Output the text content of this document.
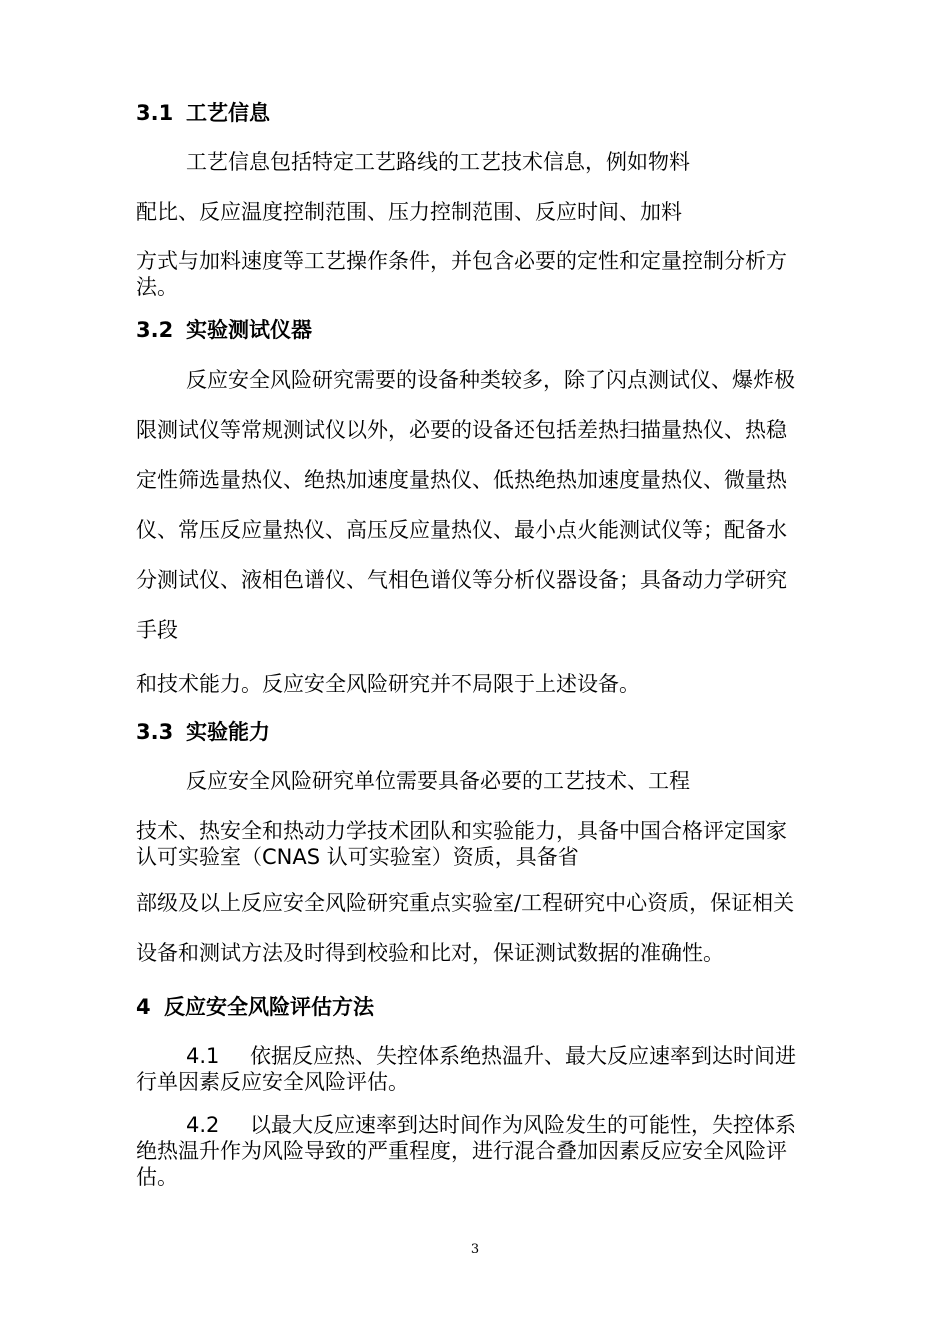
3.1 工艺信息
工艺信息包括特定工艺路线的工艺技术信息，例如物料
配比、反应温度控制范围、压力控制范围、反应时间、加料
方式与加料速度等工艺操作条件，并包含必要的定性和定量控制分析方
法。
3.2 实验测试仪器
反应安全风险研究需要的设备种类较多，除了闪点测试仪、爆炸极
限测试仪等常规测试仪以外，必要的设备还包括差热扫描量热仪、热稳
定性筛选量热仪、绝热加速度量热仪、低热绝热加速度量热仪、微量热
仪、常压反应量热仪、高压反应量热仪、最小点火能测试仪等；配备水
分测试仪、液相色谱仪、气相色谱仪等分析仪器设备；具备动力学研究
手段
和技术能力。反应安全风险研究并不局限于上述设备。
3.3 实验能力
反应安全风险研究单位需要具备必要的工艺技术、工程
技术、热安全和热动力学技术团队和实验能力，具备中国合格评定国家
认可实验室（CNAS 认可实验室）资质，具备省
部级及以上反应安全风险研究重点实验室/工程研究中心资质，保证相关
设备和测试方法及时得到校验和比对，保证测试数据的准确性。
4 反应安全风险评估方法
4.1 依据反应热、失控体系绝热温升、最大反应速率到达时间进
行单因素反应安全风险评估。
4.2 以最大反应速率到达时间作为风险发生的可能性，失控体系
绝热温升作为风险导致的严重程度，进行混合叠加因素反应安全风险评
估。
3
